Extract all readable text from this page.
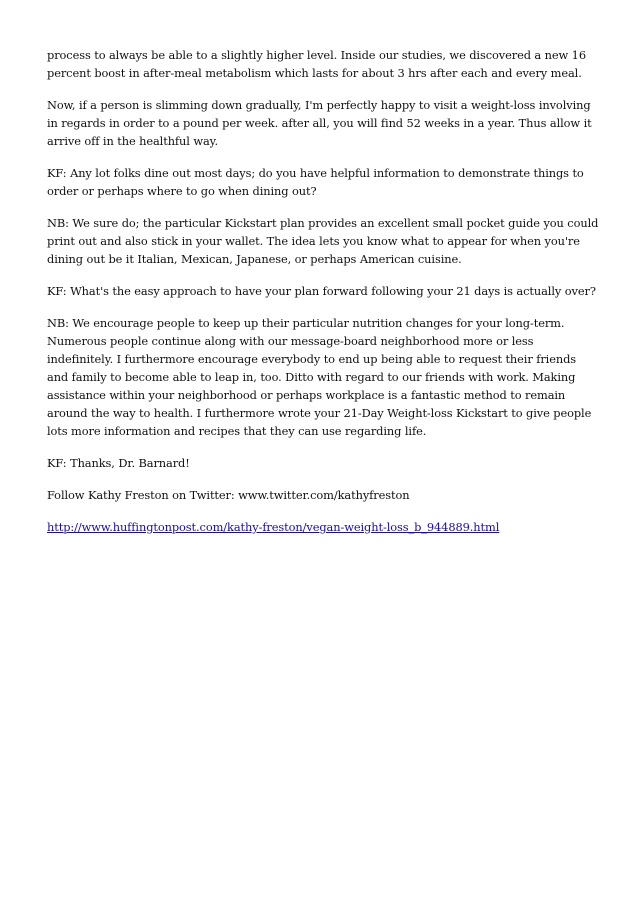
process to always be able to a slightly higher level. Inside our studies, we discovered a new 16 percent boost in after-meal metabolism which lasts for about 3 hrs after each and every meal.

Now, if a person is slimming down gradually, I'm perfectly happy to visit a weight-loss involving in regards in order to a pound per week. after all, you will find 52 weeks in a year. Thus allow it arrive off in the healthful way.

KF: Any lot folks dine out most days; do you have helpful information to demonstrate things to order or perhaps where to go when dining out?

NB: We sure do; the particular Kickstart plan provides an excellent small pocket guide you could print out and also stick in your wallet. The idea lets you know what to appear for when you're dining out be it Italian, Mexican, Japanese, or perhaps American cuisine.

KF: What's the easy approach to have your plan forward following your 21 days is actually over?

NB: We encourage people to keep up their particular nutrition changes for your long-term. Numerous people continue along with our message-board neighborhood more or less indefinitely. I furthermore encourage everybody to end up being able to request their friends and family to become able to leap in, too. Ditto with regard to our friends with work. Making assistance within your neighborhood or perhaps workplace is a fantastic method to remain around the way to health. I furthermore wrote your 21-Day Weight-loss Kickstart to give people lots more information and recipes that they can use regarding life.

KF: Thanks, Dr. Barnard!

Follow Kathy Freston on Twitter: www.twitter.com/kathyfreston

http://www.huffingtonpost.com/kathy-freston/vegan-weight-loss_b_944889.html
